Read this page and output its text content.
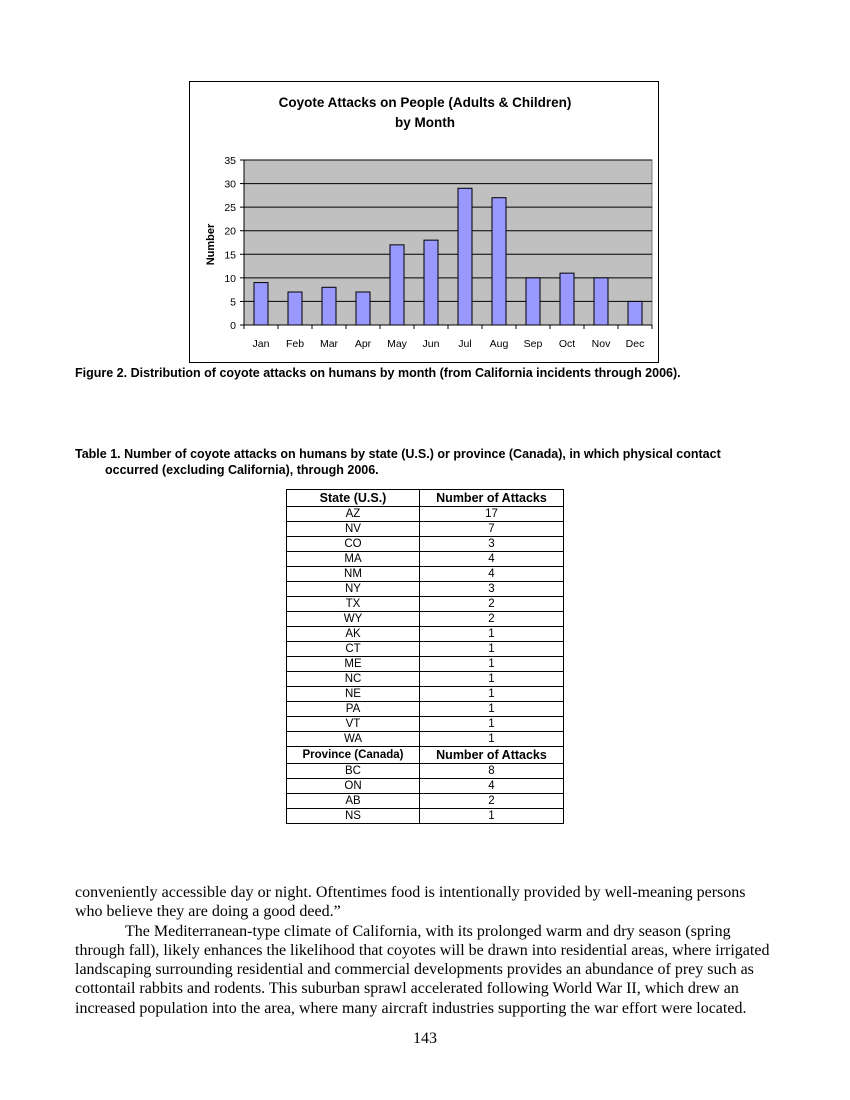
0
5
10
15
20
25
30
35
Jan Feb Mar Apr May Jun Jul Aug Sep Oct Nov Dec
Coyote Attacks on People (Adults & Children)
by Month
Number
Figure 2. Distribution of coyote attacks on humans by month (from California incidents through 2006).
Table 1. Number of coyote attacks on humans by state (U.S.) or province (Canada), in which physical contact
occurred (excluding California), through 2006.
State (U.S.)	Number of Attacks
AZ	17
NV	7
CO	3
MA	4
NM	4
NY	3
TX	2
WY	2
AK	1
CT	1
ME	1
NC	1
NE	1
PA	1
VT	1
WA	1
Province (Canada)	Number of Attacks
BC	8
ON	4
AB	2
NS	1

conveniently accessible day or night. Oftentimes food is intentionally provided by well-meaning persons who believe they are doing a good deed.”

The Mediterranean-type climate of California, with its prolonged warm and dry season (spring through fall), likely enhances the likelihood that coyotes will be drawn into residential areas, where irrigated landscaping surrounding residential and commercial developments provides an abundance of prey such as cottontail rabbits and rodents. This suburban sprawl accelerated following World War II, which drew an increased population into the area, where many aircraft industries supporting the war effort were located.

143
